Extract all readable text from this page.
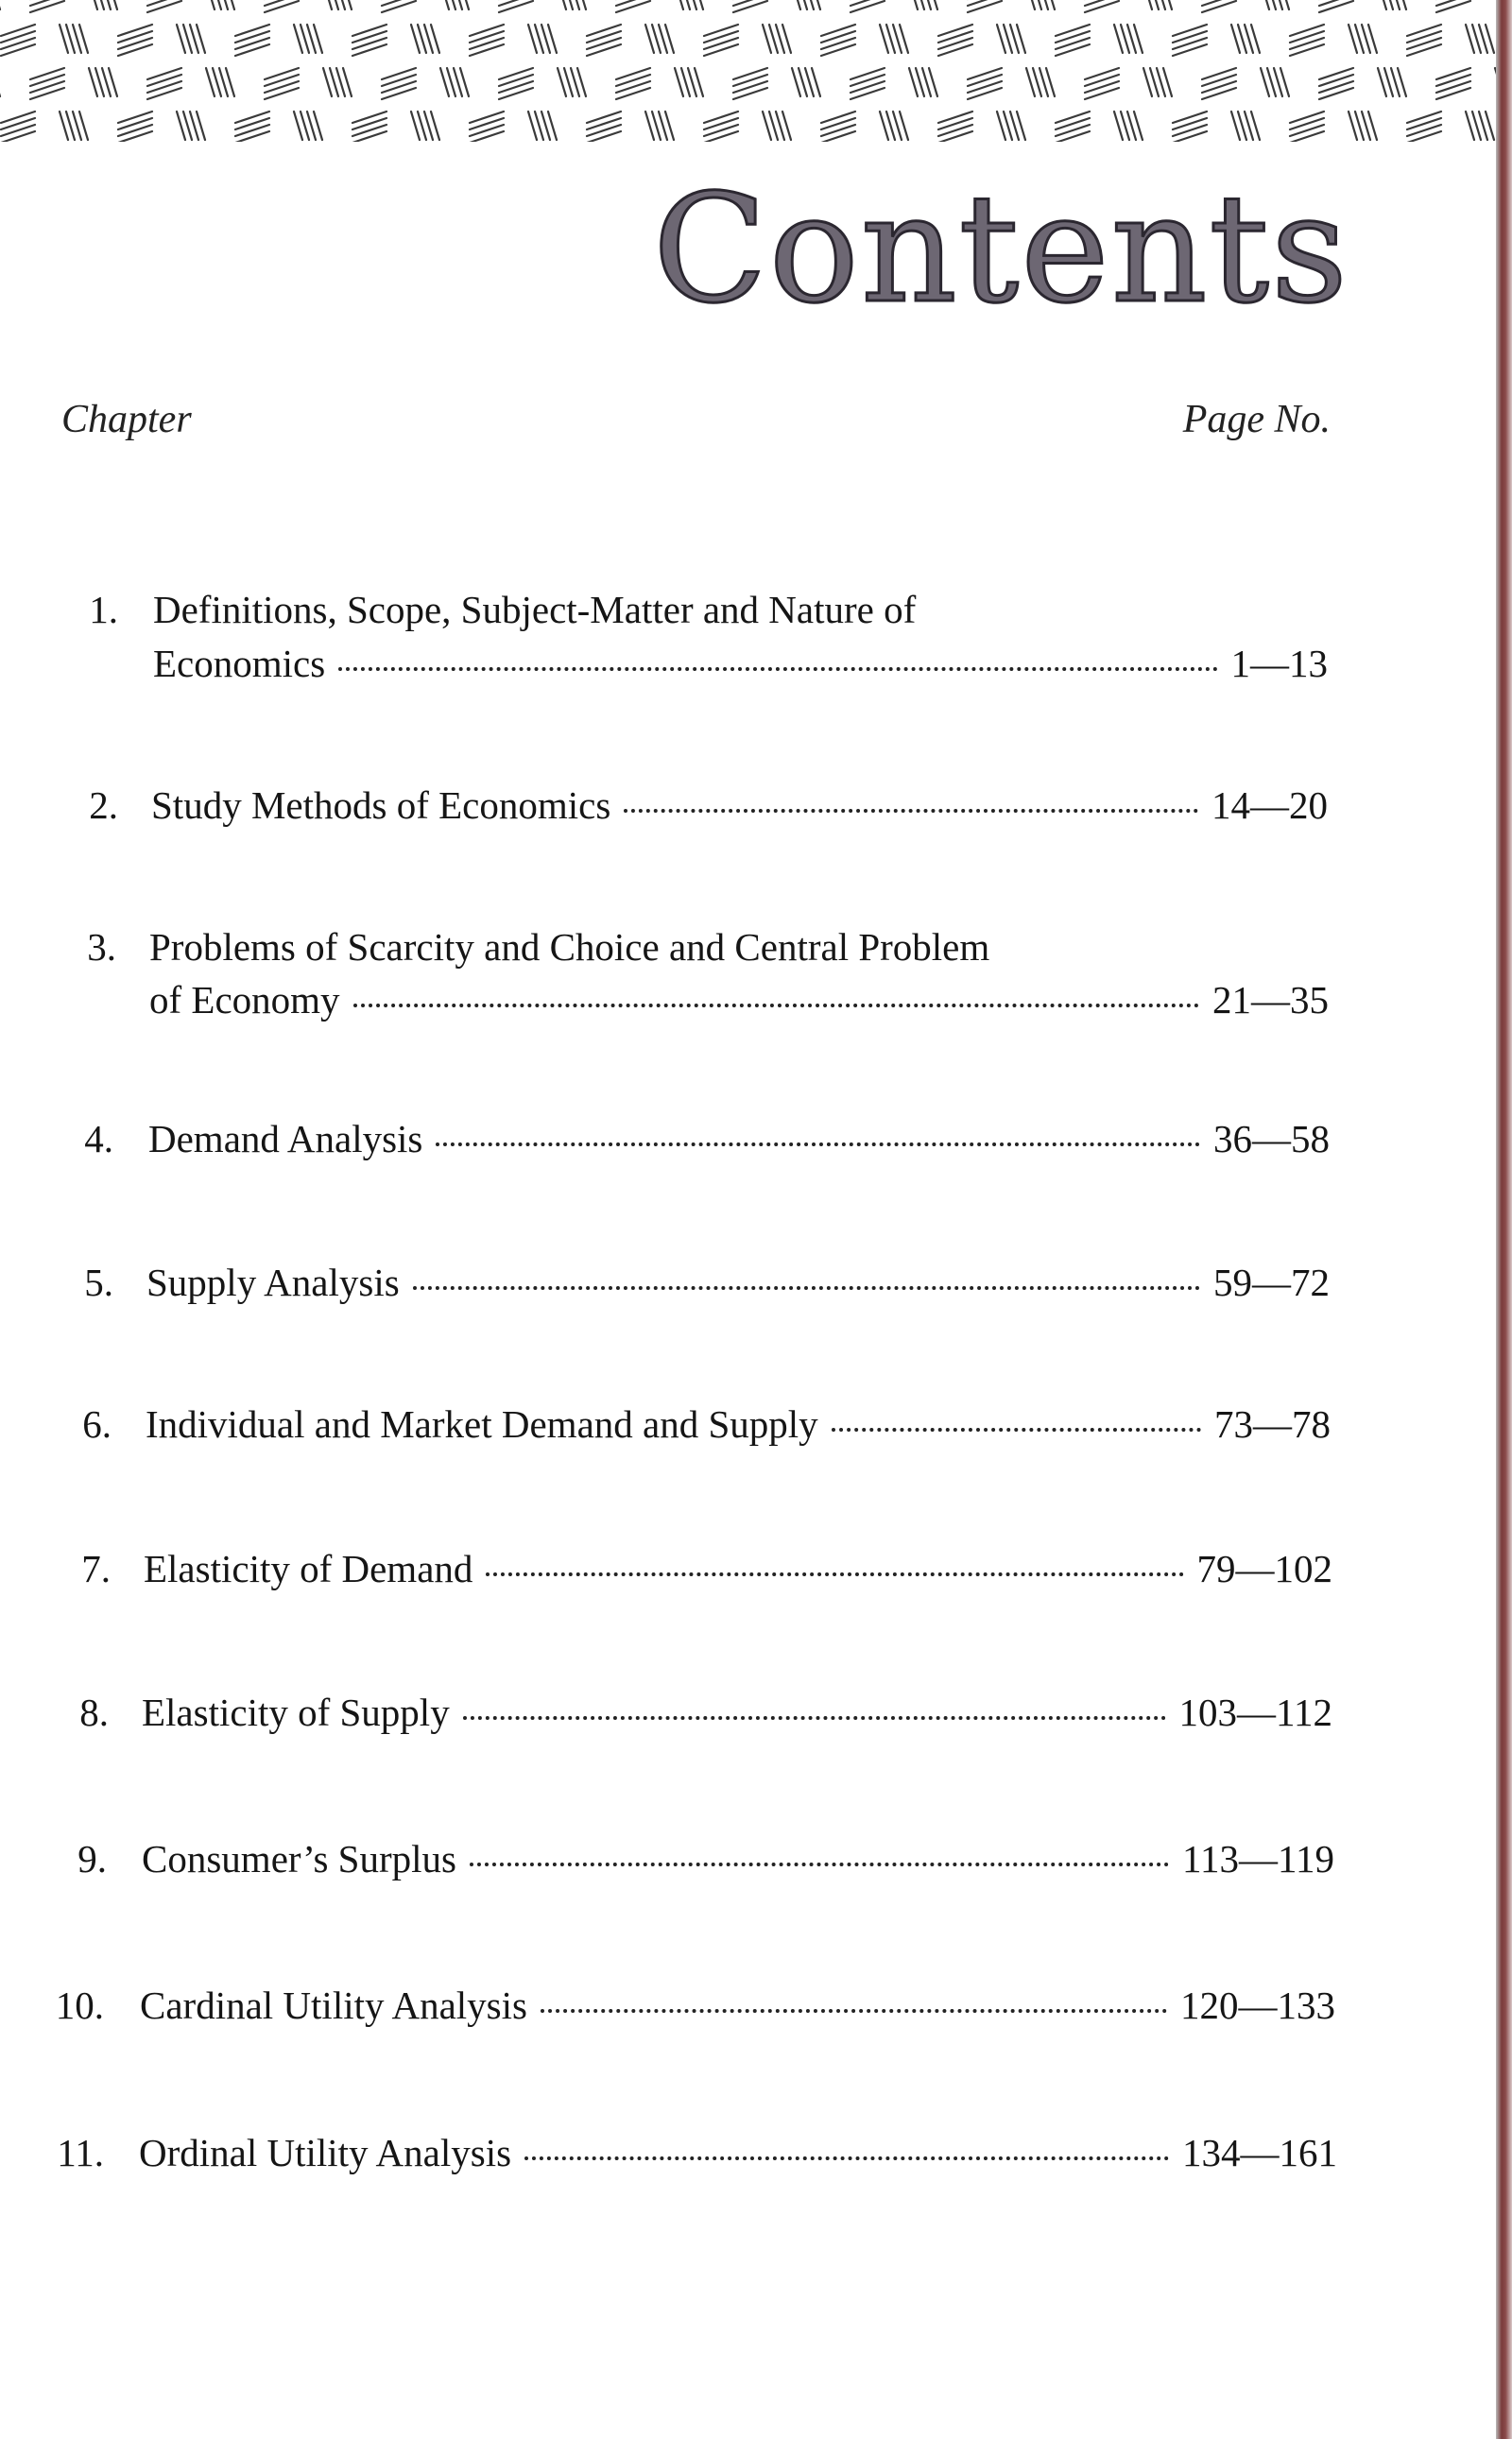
Contents
Chapter	Page No.
1. Definitions, Scope, Subject-Matter and Nature of
Economics	1—13
2. Study Methods of Economics	14—20
3. Problems of Scarcity and Choice and Central Problem
of Economy	21—35
4. Demand Analysis	36—58
5. Supply Analysis	59—72
6. Individual and Market Demand and Supply	73—78
7. Elasticity of Demand	79—102
8. Elasticity of Supply	103—112
9. Consumer’s Surplus	113—119
10. Cardinal Utility Analysis	120—133
11. Ordinal Utility Analysis	134—161
